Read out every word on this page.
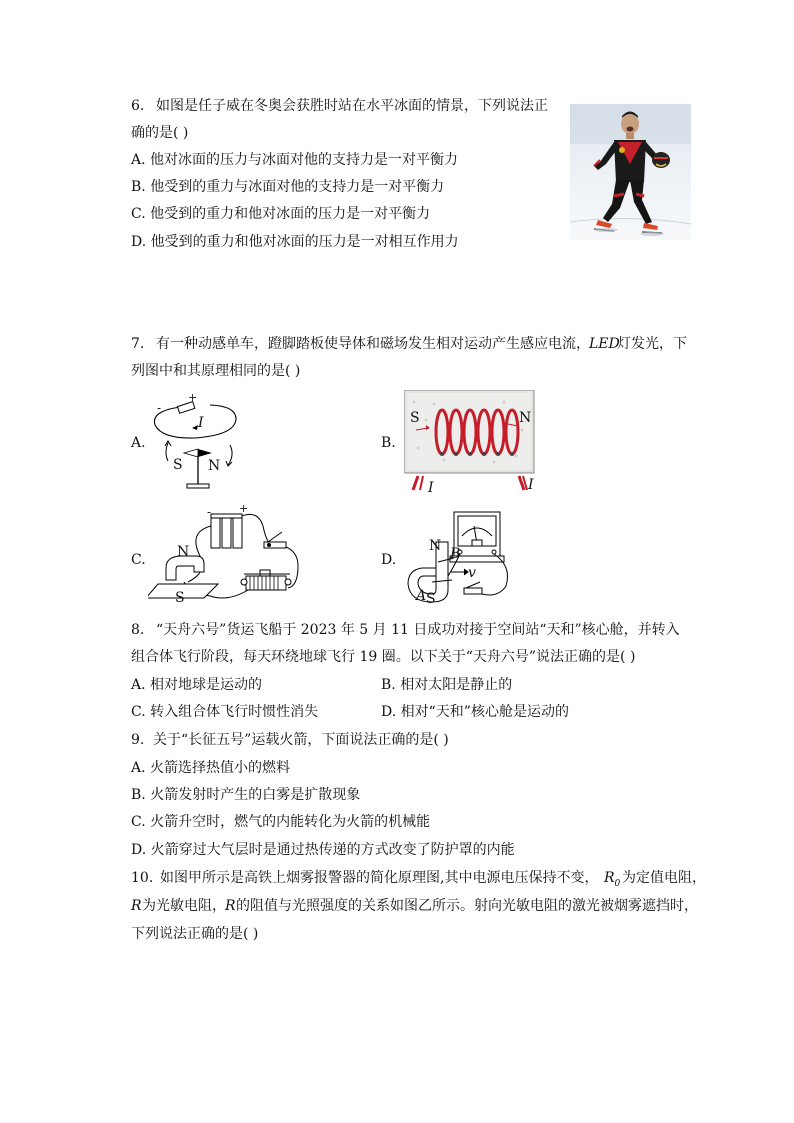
6. 如图是任子威在冬奥会获胜时站在水平冰面的情景，下列说法正
确的是( )
A. 他对冰面的压力与冰面对他的支持力是一对平衡力
B. 他受到的重力与冰面对他的支持力是一对平衡力
C. 他受到的重力和他对冰面的压力是一对平衡力
D. 他受到的重力和他对冰面的压力是一对相互作用力
7. 有一种动感单车，蹬脚踏板使导体和磁场发生相对运动产生感应电流， LED
灯发光，下
列图中和其原理相同的是( )
A.
-
+
I
S N
B.
S	N
I	I
C.
-	+
N
S
D.
N
v
A S
B
8. “天舟六号”货运飞船于 2023 年 5 月 11 日成功对接于空间站“天和”核心舱，并转入
组合体飞行阶段，每天环绕地球飞行 19 圈。以下关于“天舟六号”说法正确的是( )
A. 相对地球是运动的	B. 相对太阳是静止的
C. 转入组合体飞行时惯性消失	D. 相对“天和”核心舱是运动的
9. 关于“长征五号”运载火箭，下面说法正确的是( )
A. 火箭选择热值小的燃料
B. 火箭发射时产生的白雾是扩散现象
C. 火箭升空时，燃气的内能转化为火箭的机械能
D. 火箭穿过大气层时是通过热传递的方式改变了防护罩的内能
10. 如图甲所示是高铁上烟雾报警器的简化原理图,其中电源电压保持不变， $R_0$ 为定值电阻，
R 为光敏电阻， R 的阻值与光照强度的关系如图乙所示。射向光敏电阻的激光被烟雾遮挡时，
下列说法正确的是( )
